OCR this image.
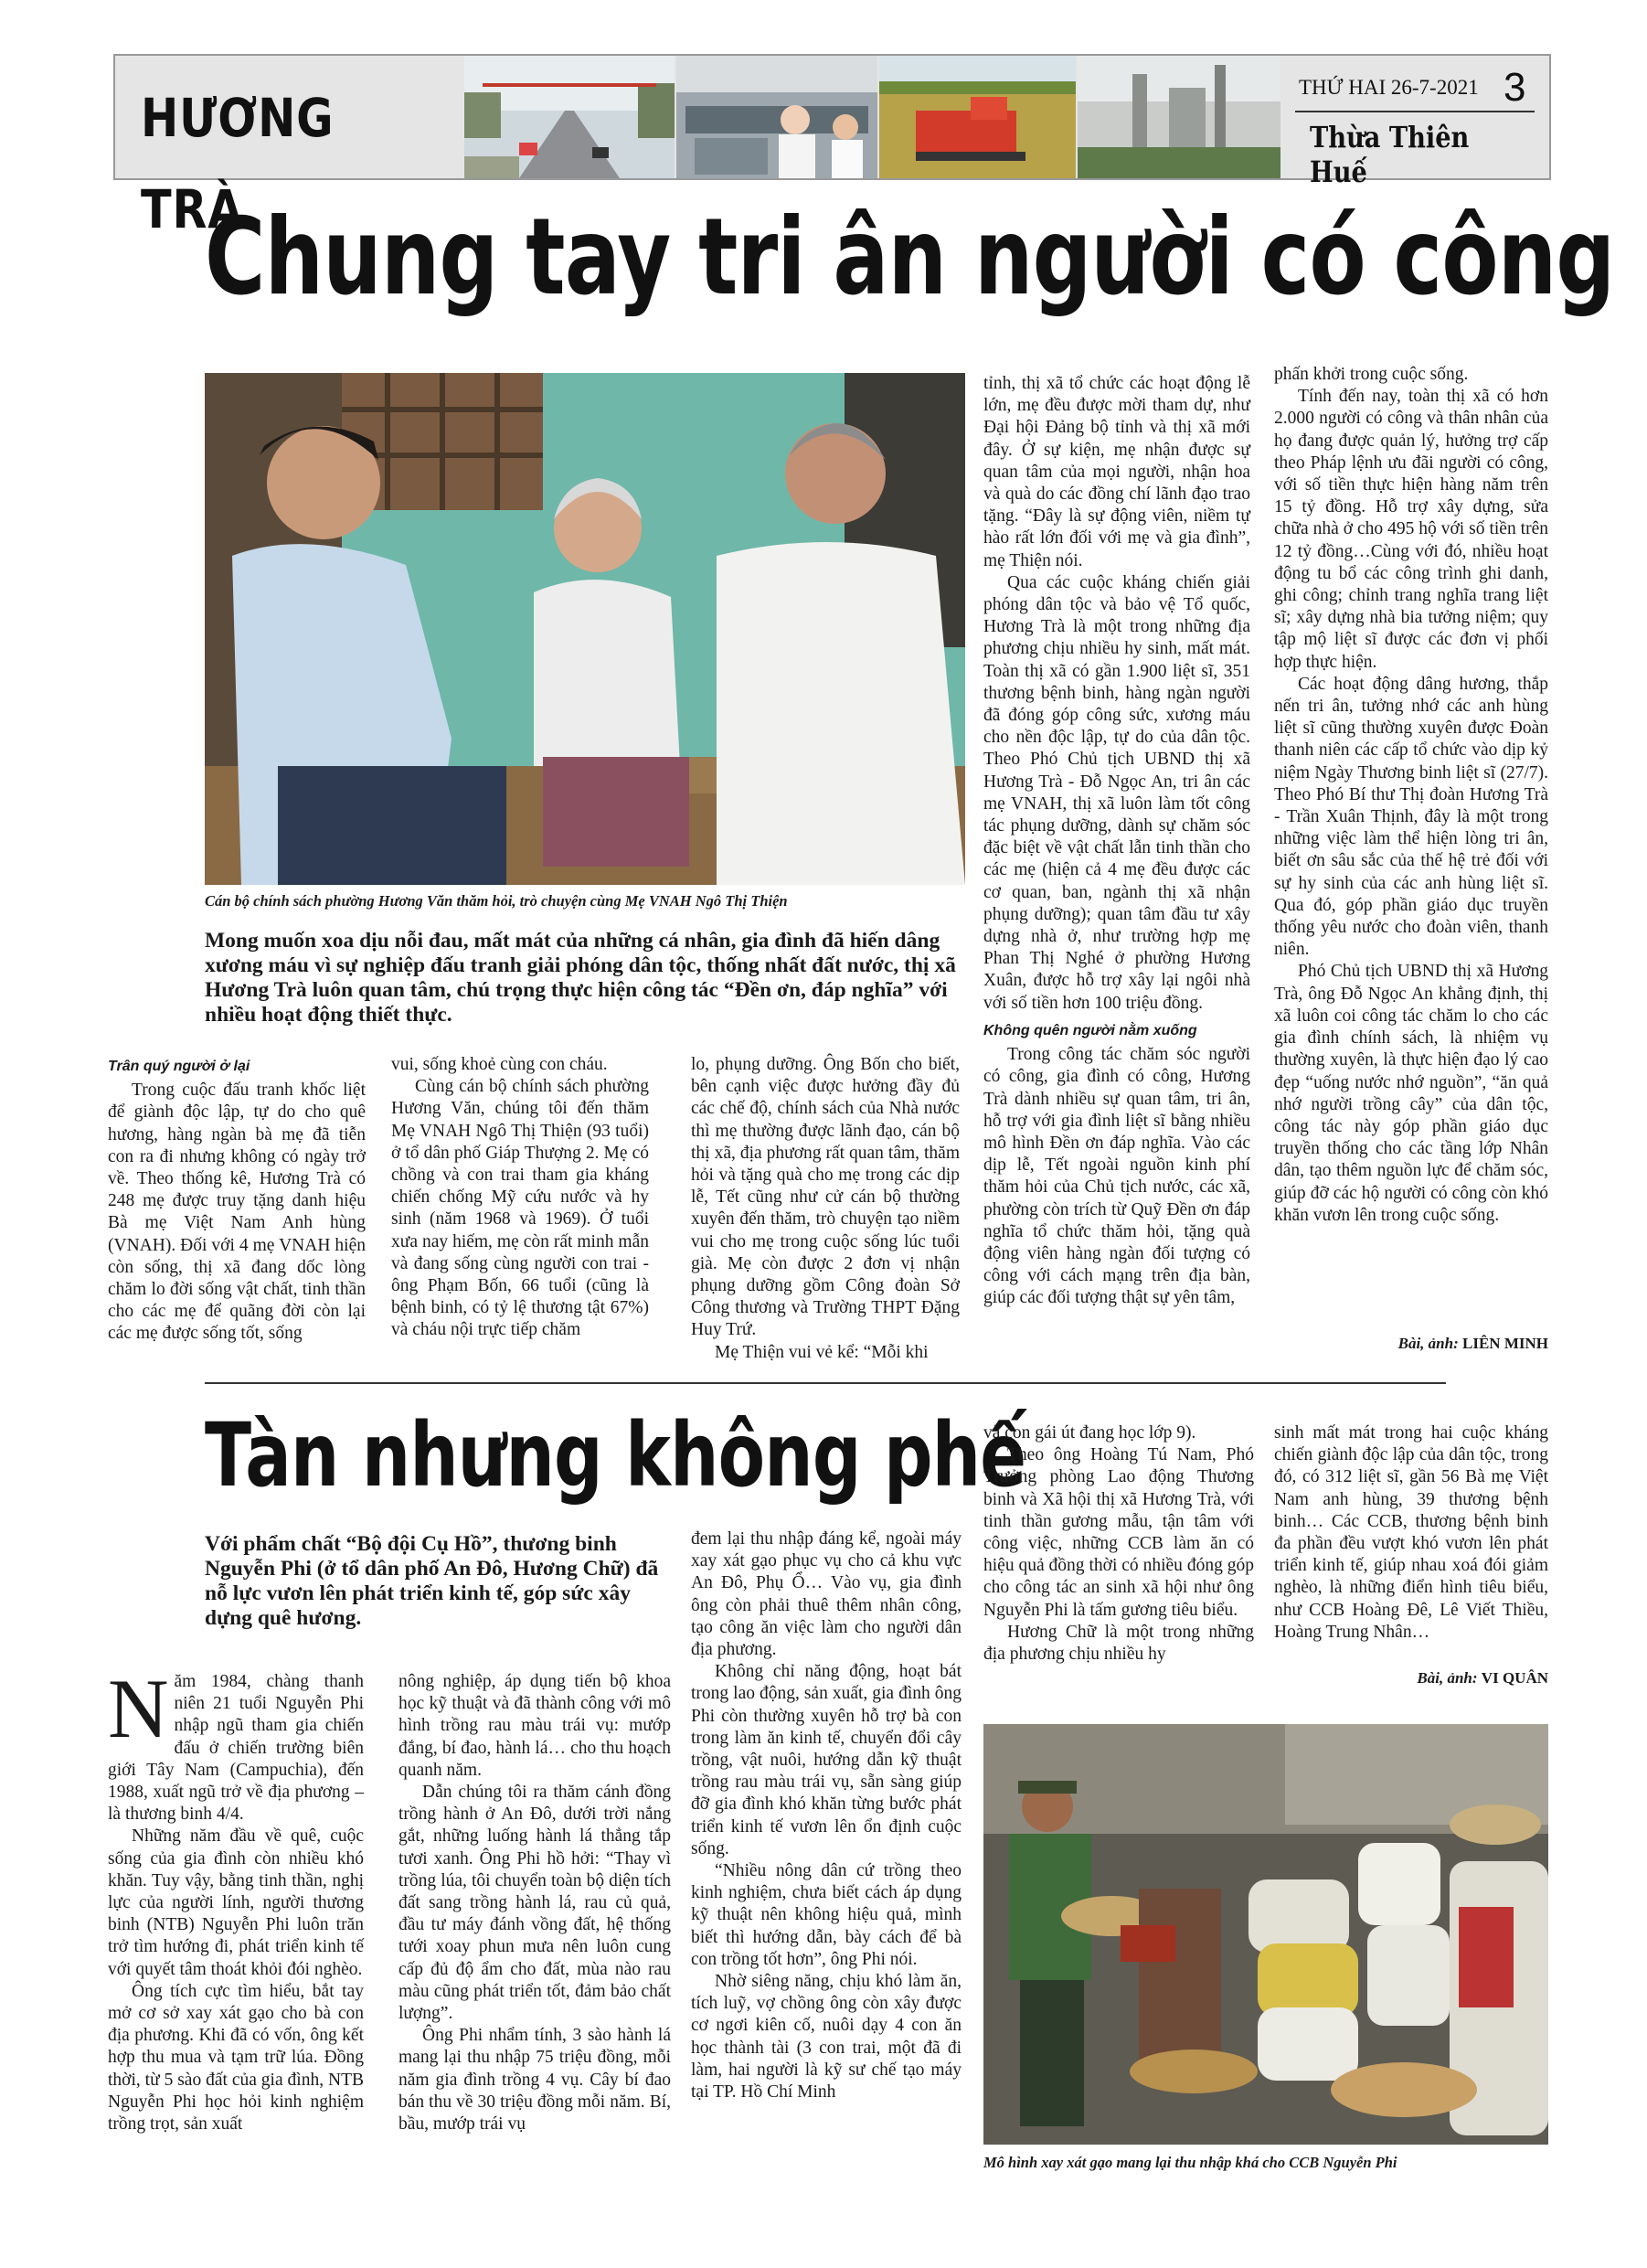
HƯƠNG TRÀ
THỨ HAI 26-7-2021 3
Thừa Thiên Huế
Chung tay tri ân người có công
Cán bộ chính sách phường Hương Văn thăm hỏi, trò chuyện cùng Mẹ VNAH Ngô Thị Thiện
Mong muốn xoa dịu nỗi đau, mất mát của những cá nhân, gia đình đã hiến dâng xương máu vì sự nghiệp đấu tranh giải phóng dân tộc, thống nhất đất nước, thị xã Hương Trà luôn quan tâm, chú trọng thực hiện công tác “Đền ơn, đáp nghĩa” với nhiều hoạt động thiết thực.
Trân quý người ở lại

Trong cuộc đấu tranh khốc liệt để giành độc lập, tự do cho quê hương, hàng ngàn bà mẹ đã tiễn con ra đi nhưng không có ngày trở về. Theo thống kê, Hương Trà có 248 mẹ được truy tặng danh hiệu Bà mẹ Việt Nam Anh hùng (VNAH). Đối với 4 mẹ VNAH hiện còn sống, thị xã đang dốc lòng chăm lo đời sống vật chất, tinh thần cho các mẹ để quãng đời còn lại các mẹ được sống tốt, sống

vui, sống khoẻ cùng con cháu.

Cùng cán bộ chính sách phường Hương Văn, chúng tôi đến thăm Mẹ VNAH Ngô Thị Thiện (93 tuổi) ở tổ dân phố Giáp Thượng 2. Mẹ có chồng và con trai tham gia kháng chiến chống Mỹ cứu nước và hy sinh (năm 1968 và 1969). Ở tuổi xưa nay hiếm, mẹ còn rất minh mẫn và đang sống cùng người con trai - ông Phạm Bốn, 66 tuổi (cũng là bệnh binh, có tỷ lệ thương tật 67%) và cháu nội trực tiếp chăm

lo, phụng dưỡng. Ông Bốn cho biết, bên cạnh việc được hưởng đầy đủ các chế độ, chính sách của Nhà nước thì mẹ thường được lãnh đạo, cán bộ thị xã, địa phương rất quan tâm, thăm hỏi và tặng quà cho mẹ trong các dịp lễ, Tết cũng như cử cán bộ thường xuyên đến thăm, trò chuyện tạo niềm vui cho mẹ trong cuộc sống lúc tuổi già. Mẹ còn được 2 đơn vị nhận phụng dưỡng gồm Công đoàn Sở Công thương và Trường THPT Đặng Huy Trứ.

Mẹ Thiện vui vẻ kể: “Mỗi khi

tỉnh, thị xã tổ chức các hoạt động lễ lớn, mẹ đều được mời tham dự, như Đại hội Đảng bộ tỉnh và thị xã mới đây. Ở sự kiện, mẹ nhận được sự quan tâm của mọi người, nhận hoa và quà do các đồng chí lãnh đạo trao tặng. “Đây là sự động viên, niềm tự hào rất lớn đối với mẹ và gia đình”, mẹ Thiện nói.

Qua các cuộc kháng chiến giải phóng dân tộc và bảo vệ Tổ quốc, Hương Trà là một trong những địa phương chịu nhiều hy sinh, mất mát. Toàn thị xã có gần 1.900 liệt sĩ, 351 thương bệnh binh, hàng ngàn người đã đóng góp công sức, xương máu cho nền độc lập, tự do của dân tộc. Theo Phó Chủ tịch UBND thị xã Hương Trà - Đỗ Ngọc An, tri ân các mẹ VNAH, thị xã luôn làm tốt công tác phụng dưỡng, dành sự chăm sóc đặc biệt về vật chất lẫn tinh thần cho các mẹ (hiện cả 4 mẹ đều được các cơ quan, ban, ngành thị xã nhận phụng dưỡng); quan tâm đầu tư xây dựng nhà ở, như trường hợp mẹ Phan Thị Nghé ở phường Hương Xuân, được hỗ trợ xây lại ngôi nhà với số tiền hơn 100 triệu đồng.

Không quên người nằm xuống

Trong công tác chăm sóc người có công, gia đình có công, Hương Trà dành nhiều sự quan tâm, tri ân, hỗ trợ với gia đình liệt sĩ bằng nhiều mô hình Đền ơn đáp nghĩa. Vào các dịp lễ, Tết ngoài nguồn kinh phí thăm hỏi của Chủ tịch nước, các xã, phường còn trích từ Quỹ Đền ơn đáp nghĩa tổ chức thăm hỏi, tặng quà động viên hàng ngàn đối tượng có công với cách mạng trên địa bàn, giúp các đối tượng thật sự yên tâm,

phấn khởi trong cuộc sống.

Tính đến nay, toàn thị xã có hơn 2.000 người có công và thân nhân của họ đang được quản lý, hưởng trợ cấp theo Pháp lệnh ưu đãi người có công, với số tiền thực hiện hàng năm trên 15 tỷ đồng. Hỗ trợ xây dựng, sửa chữa nhà ở cho 495 hộ với số tiền trên 12 tỷ đồng…Cùng với đó, nhiều hoạt động tu bổ các công trình ghi danh, ghi công; chỉnh trang nghĩa trang liệt sĩ; xây dựng nhà bia tưởng niệm; quy tập mộ liệt sĩ được các đơn vị phối hợp thực hiện.

Các hoạt động dâng hương, thắp nến tri ân, tưởng nhớ các anh hùng liệt sĩ cũng thường xuyên được Đoàn thanh niên các cấp tổ chức vào dịp kỷ niệm Ngày Thương binh liệt sĩ (27/7). Theo Phó Bí thư Thị đoàn Hương Trà - Trần Xuân Thịnh, đây là một trong những việc làm thể hiện lòng tri ân, biết ơn sâu sắc của thế hệ trẻ đối với sự hy sinh của các anh hùng liệt sĩ. Qua đó, góp phần giáo dục truyền thống yêu nước cho đoàn viên, thanh niên.

Phó Chủ tịch UBND thị xã Hương Trà, ông Đỗ Ngọc An khẳng định, thị xã luôn coi công tác chăm lo cho các gia đình chính sách, là nhiệm vụ thường xuyên, là thực hiện đạo lý cao đẹp “uống nước nhớ nguồn”, “ăn quả nhớ người trồng cây” của dân tộc, công tác này góp phần giáo dục truyền thống cho các tầng lớp Nhân dân, tạo thêm nguồn lực để chăm sóc, giúp đỡ các hộ người có công còn khó khăn vươn lên trong cuộc sống.

Bài, ảnh: LIÊN MINH
Tàn nhưng không phế
Với phẩm chất “Bộ đội Cụ Hồ”, thương binh Nguyễn Phi (ở tổ dân phố An Đô, Hương Chữ) đã nỗ lực vươn lên phát triển kinh tế, góp sức xây dựng quê hương.

N ăm 1984, chàng thanh niên 21 tuổi Nguyễn Phi nhập ngũ tham gia chiến đấu ở chiến trường biên giới Tây Nam (Campuchia), đến 1988, xuất ngũ trở về địa phương – là thương binh 4/4.

Những năm đầu về quê, cuộc sống của gia đình còn nhiều khó khăn. Tuy vậy, bằng tinh thần, nghị lực của người lính, người thương binh (NTB) Nguyễn Phi luôn trăn trở tìm hướng đi, phát triển kinh tế với quyết tâm thoát khỏi đói nghèo.

Ông tích cực tìm hiểu, bắt tay mở cơ sở xay xát gạo cho bà con địa phương. Khi đã có vốn, ông kết hợp thu mua và tạm trữ lúa. Đồng thời, từ 5 sào đất của gia đình, NTB Nguyễn Phi học hỏi kinh nghiệm trồng trọt, sản xuất

nông nghiệp, áp dụng tiến bộ khoa học kỹ thuật và đã thành công với mô hình trồng rau màu trái vụ: mướp đắng, bí đao, hành lá… cho thu hoạch quanh năm.

Dẫn chúng tôi ra thăm cánh đồng trồng hành ở An Đô, dưới trời nắng gắt, những luống hành lá thẳng tắp tươi xanh. Ông Phi hồ hởi: “Thay vì trồng lúa, tôi chuyển toàn bộ diện tích đất sang trồng hành lá, rau củ quả, đầu tư máy đánh vồng đất, hệ thống tưới xoay phun mưa nên luôn cung cấp đủ độ ẩm cho đất, mùa nào rau màu cũng phát triển tốt, đảm bảo chất lượng”.

Ông Phi nhẩm tính, 3 sào hành lá mang lại thu nhập 75 triệu đồng, mỗi năm gia đình trồng 4 vụ. Cây bí đao bán thu về 30 triệu đồng mỗi năm. Bí, bầu, mướp trái vụ

đem lại thu nhập đáng kể, ngoài máy xay xát gạo phục vụ cho cả khu vực An Đô, Phụ Ổ… Vào vụ, gia đình ông còn phải thuê thêm nhân công, tạo công ăn việc làm cho người dân địa phương.

Không chỉ năng động, hoạt bát trong lao động, sản xuất, gia đình ông Phi còn thường xuyên hỗ trợ bà con trong làm ăn kinh tế, chuyển đổi cây trồng, vật nuôi, hướng dẫn kỹ thuật trồng rau màu trái vụ, sẵn sàng giúp đỡ gia đình khó khăn từng bước phát triển kinh tế vươn lên ổn định cuộc sống.

“Nhiều nông dân cứ trồng theo kinh nghiệm, chưa biết cách áp dụng kỹ thuật nên không hiệu quả, mình biết thì hướng dẫn, bày cách để bà con trồng tốt hơn”, ông Phi nói.

Nhờ siêng năng, chịu khó làm ăn, tích luỹ, vợ chồng ông còn xây được cơ ngơi kiên cố, nuôi dạy 4 con ăn học thành tài (3 con trai, một đã đi làm, hai người là kỹ sư chế tạo máy tại TP. Hồ Chí Minh

và con gái út đang học lớp 9).

Theo ông Hoàng Tú Nam, Phó Trưởng phòng Lao động Thương binh và Xã hội thị xã Hương Trà, với tinh thần gương mẫu, tận tâm với công việc, những CCB làm ăn có hiệu quả đồng thời có nhiều đóng góp cho công tác an sinh xã hội như ông Nguyễn Phi là tấm gương tiêu biểu.

Hương Chữ là một trong những địa phương chịu nhiều hy

sinh mất mát trong hai cuộc kháng chiến giành độc lập của dân tộc, trong đó, có 312 liệt sĩ, gần 56 Bà mẹ Việt Nam anh hùng, 39 thương bệnh binh… Các CCB, thương bệnh binh đa phần đều vượt khó vươn lên phát triển kinh tế, giúp nhau xoá đói giảm nghèo, là những điển hình tiêu biểu, như CCB Hoàng Đê, Lê Viết Thiều, Hoàng Trung Nhân…

Bài, ảnh: VI QUÂN
Mô hình xay xát gạo mang lại thu nhập khá cho CCB Nguyễn Phi
